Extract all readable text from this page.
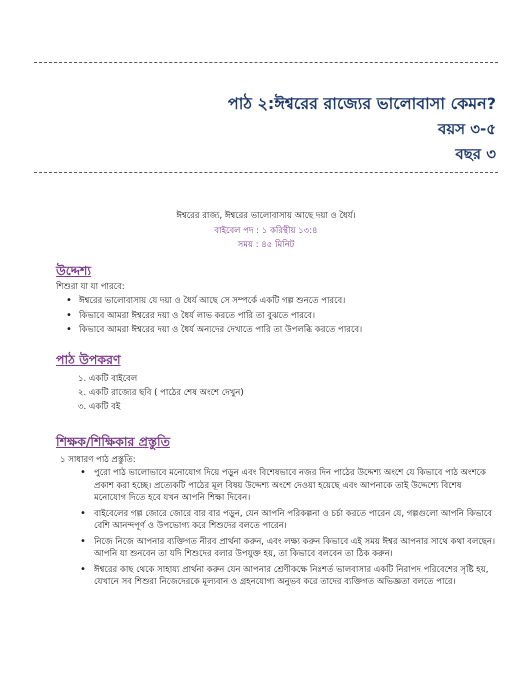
পাঠ ২:ঈশ্বরের রাজ্যের ভালোবাসা কেমন?
বয়স ৩-৫
বছর ৩
ঈশ্বরের রাজ্য, ঈশ্বরের ভালোবাসায় আছে দয়া ও ধৈর্য।
বাইবেল পদ : ১ করিন্থীয় ১৩:৪
সময় : ৪৫ মিনিট
উদ্দেশ্য
শিশুরা যা যা পারবে:
• ঈশ্বরের ভালোবাসায় যে দয়া ও ধৈর্য আছে সে সম্পর্কে একটি গল্প শুনতে পারবে।
• কিভাবে আমরা ঈশ্বরের দয়া ও ধৈর্য লাভ করতে পারি তা বুঝতে পারবে।
• কিভাবে আমরা ঈশ্বরের দয়া ও ধৈর্য অন্যদের দেখাতে পারি তা উপলব্ধি করতে পারবে।
পাঠ উপকরণ
১. একটি বাইবেল
২. একটি রাজ্যের ছবি ( পাঠের শেষ অংশে দেখুন)
৩. একটি বই
শিক্ষক/শিক্ষিকার প্রস্তুতি
১ সাধারণ পাঠ প্রস্তুতি:
• পুরো পাঠ ভালোভাবে মনোযোগ দিয়ে পড়ুন এবং বিশেষভাবে নজর দিন পাঠের উদ্দেশ্য অংশে যে কিভাবে পাঠ অংশকে প্রকাশ করা হচ্ছে। প্রত্যেকটি পাঠের মূল বিষয় উদ্দেশ্য অংশে দেওয়া হয়েছে এবং আপনাকে তাই উদ্দেশ্যে বিশেষ মনোযোগ দিতে হবে যখন আপনি শিক্ষা দিবেন।
• বাইবেলের গল্প জোরে জোরে বার বার পড়ুন, যেন আপনি পরিকল্পনা ও চর্চা করতে পারেন যে, গল্পগুলো আপনি কিভাবে বেশি আনন্দপূর্ণ ও উপভোগ্য করে শিশুদের বলতে পারেন।
• নিজে নিজে আপনার ব্যক্তিগত নীরব প্রার্থনা করুন, এবং লক্ষ্য করুন কিভাবে এই সময় ঈশ্বর আপনার সাথে কথা বলছেন। আপনি যা শুনবেন তা যদি শিশুদের বলার উপযুক্ত হয়, তা কিভাবে বলবেন তা ঠিক করুন।
• ঈশ্বরের কাছ থেকে সাহায্য প্রার্থনা করুন যেন আপনার শ্রেণীকক্ষে নিঃশর্ত ভালবাসার একটি নিরাপদ পরিবেশের সৃষ্টি হয়, যেখানে সব শিশুরা নিজেদেরকে মূল্যবান ও গ্রহনযোগ্য অনুভব করে তাদের ব্যক্তিগত অভিজ্ঞতা বলতে পারে।
